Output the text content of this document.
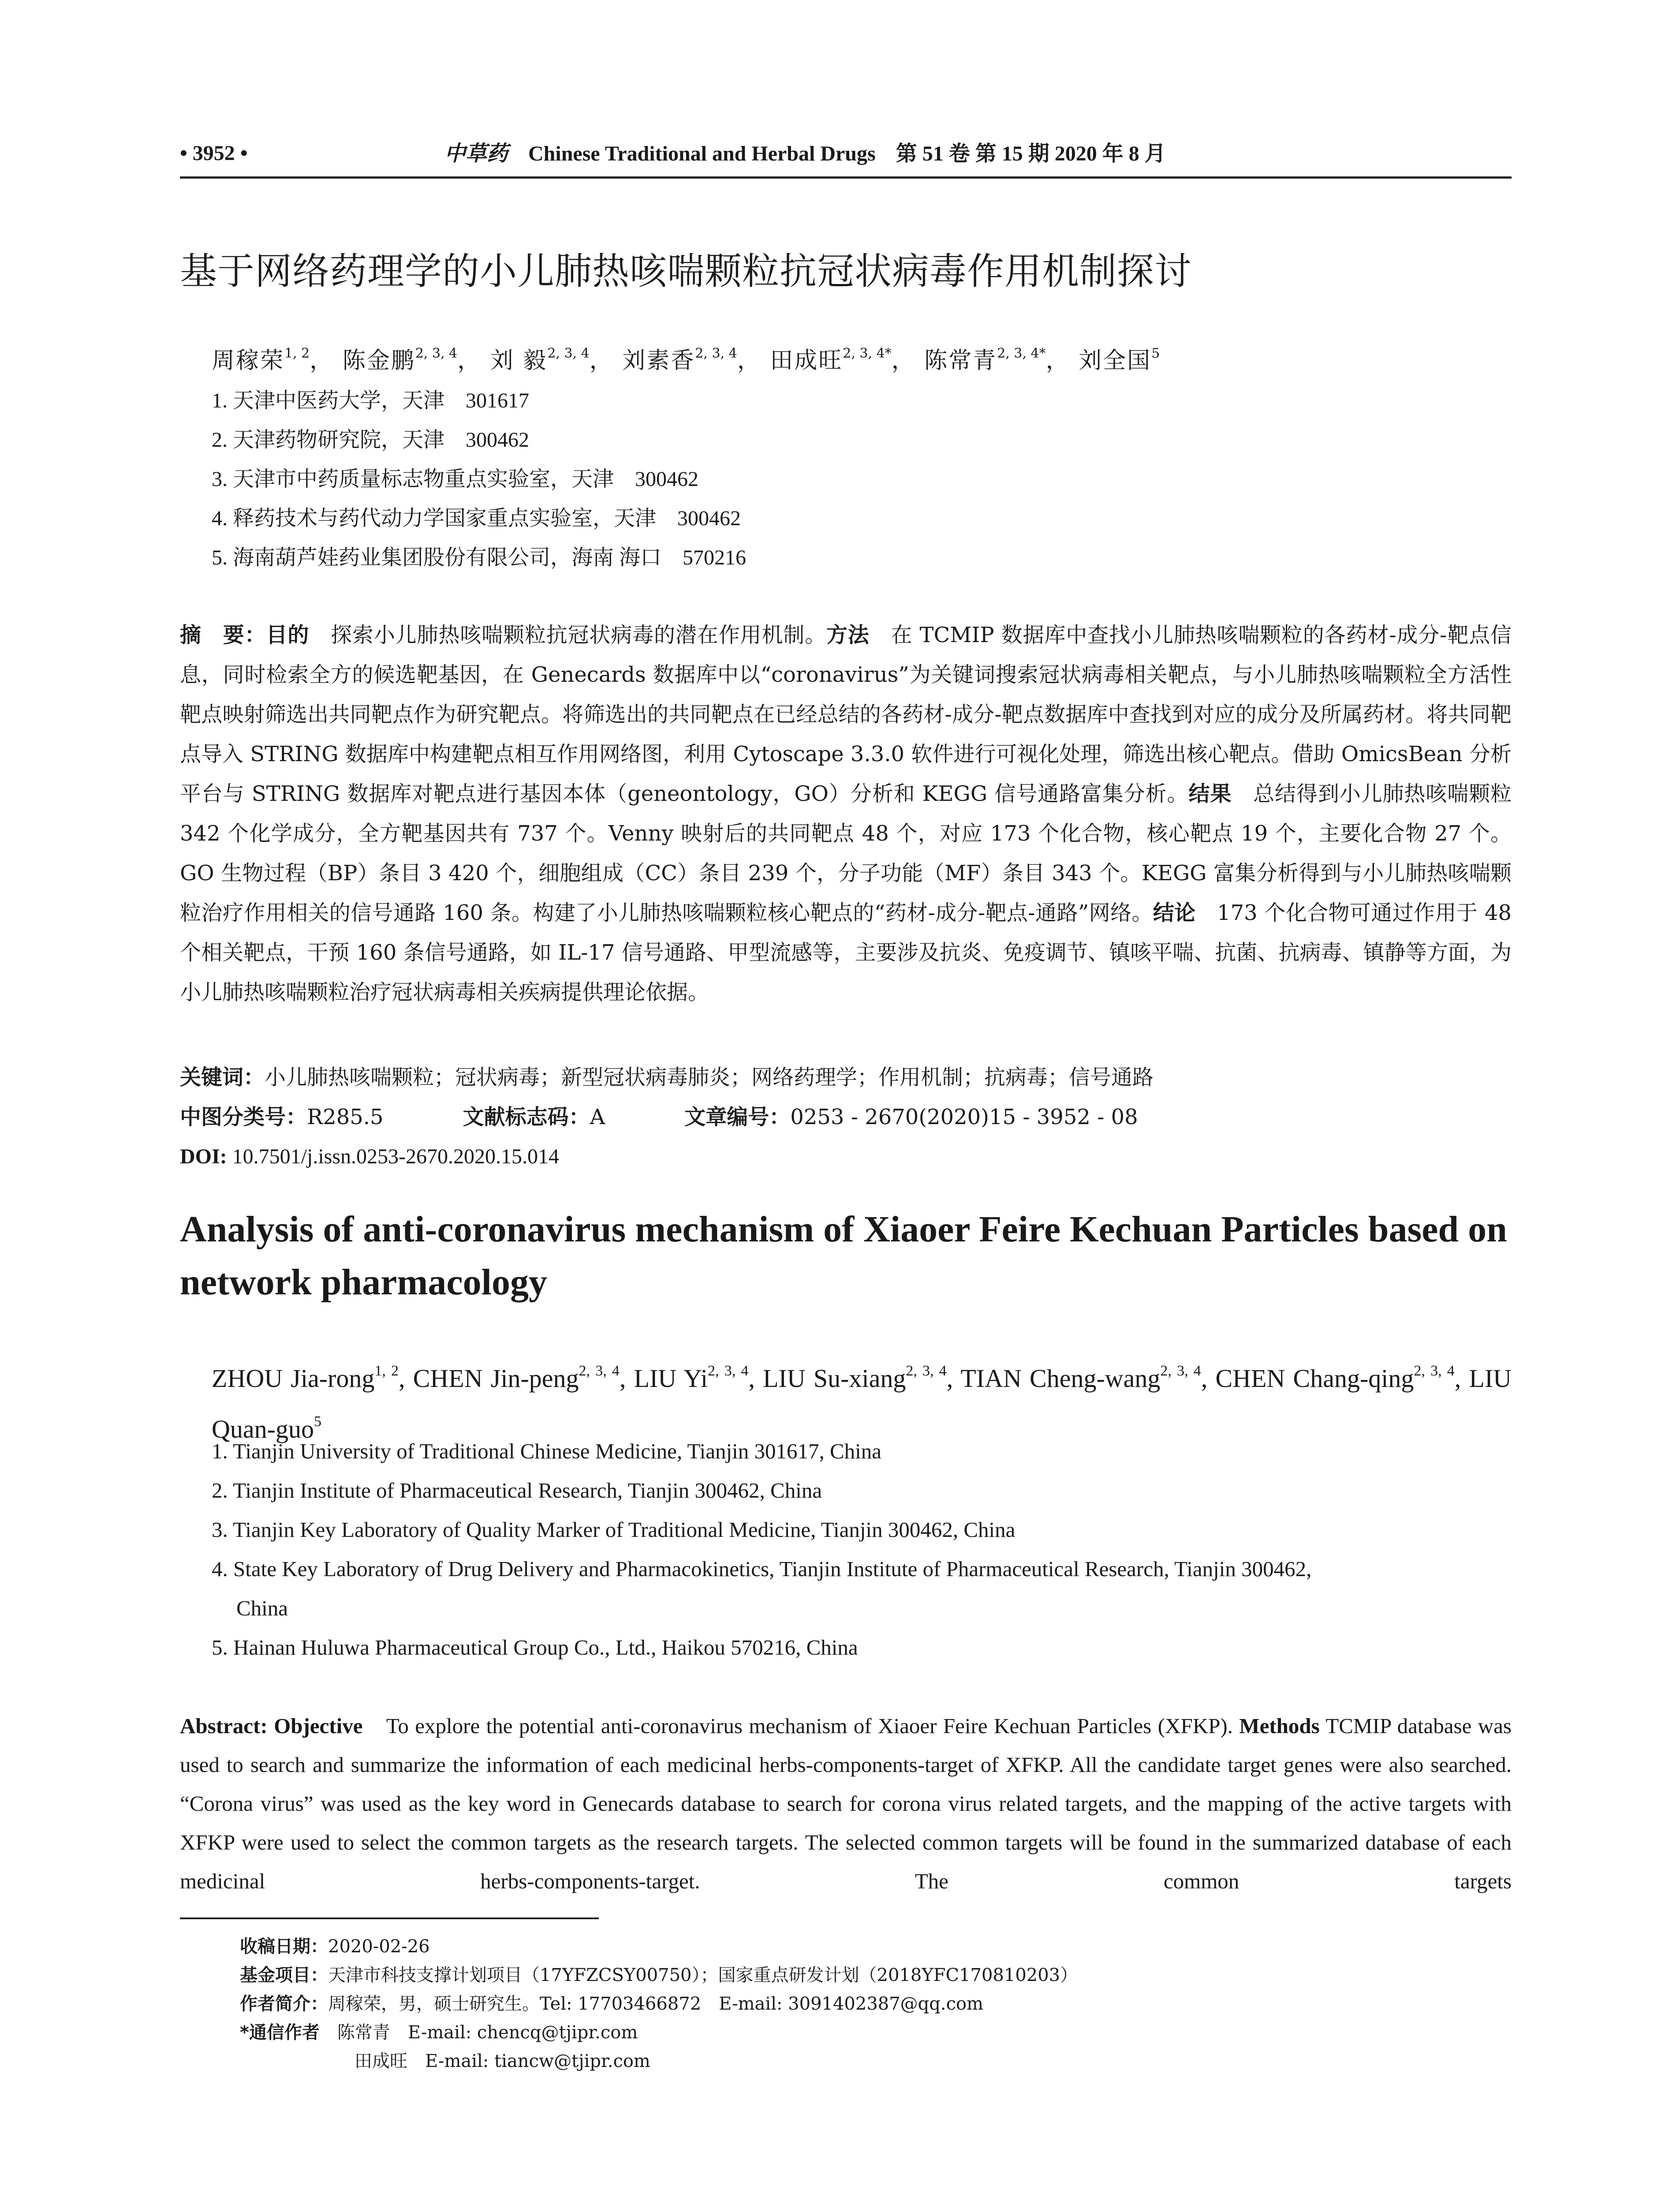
• 3952 •	中草药 Chinese Traditional and Herbal Drugs 第 51 卷 第 15 期 2020 年 8 月
基于网络药理学的小儿肺热咳喘颗粒抗冠状病毒作用机制探讨
周稼荣$^{1, 2}$， 陈金鹏$^{2, 3, 4}$， 刘 毅$^{2, 3, 4}$， 刘素香$^{2, 3, 4}$， 田成旺$^{2, 3, 4*}$， 陈常青$^{2, 3, 4*}$， 刘全国$^5$
1. 天津中医药大学，天津　301617
2. 天津药物研究院，天津　300462
3. 天津市中药质量标志物重点实验室，天津　300462
4. 释药技术与药代动力学国家重点实验室，天津　300462
5. 海南葫芦娃药业集团股份有限公司，海南 海口　570216
摘　要：目的　探索小儿肺热咳喘颗粒抗冠状病毒的潜在作用机制。方法　在 TCMIP 数据库中查找小儿肺热咳喘颗粒的各药材-成分-靶点信息，同时检索全方的候选靶基因，在 Genecards 数据库中以“coronavirus”为关键词搜索冠状病毒相关靶点，与小儿肺热咳喘颗粒全方活性靶点映射筛选出共同靶点作为研究靶点。将筛选出的共同靶点在已经总结的各药材-成分-靶点数据库中查找到对应的成分及所属药材。将共同靶点导入 STRING 数据库中构建靶点相互作用网络图，利用 Cytoscape 3.3.0 软件进行可视化处理，筛选出核心靶点。借助 OmicsBean 分析平台与 STRING 数据库对靶点进行基因本体（geneontology，GO）分析和 KEGG 信号通路富集分析。结果　总结得到小儿肺热咳喘颗粒 342 个化学成分，全方靶基因共有 737 个。Venny 映射后的共同靶点 48 个，对应 173 个化合物，核心靶点 19 个，主要化合物 27 个。GO 生物过程（BP）条目 3 420 个，细胞组成（CC）条目 239 个，分子功能（MF）条目 343 个。KEGG 富集分析得到与小儿肺热咳喘颗粒治疗作用相关的信号通路 160 条。构建了小儿肺热咳喘颗粒核心靶点的“药材-成分-靶点-通路”网络。结论　173 个化合物可通过作用于 48 个相关靶点，干预 160 条信号通路，如 IL-17 信号通路、甲型流感等，主要涉及抗炎、免疫调节、镇咳平喘、抗菌、抗病毒、镇静等方面，为小儿肺热咳喘颗粒治疗冠状病毒相关疾病提供理论依据。
关键词：小儿肺热咳喘颗粒；冠状病毒；新型冠状病毒肺炎；网络药理学；作用机制；抗病毒；信号通路
中图分类号：R285.5	文献标志码：A	文章编号：0253 - 2670(2020)15 - 3952 - 08
DOI: 10.7501/j.issn.0253-2670.2020.15.014
Analysis of anti-coronavirus mechanism of Xiaoer Feire Kechuan Particles based on network pharmacology
ZHOU Jia-rong$^{1, 2}$, CHEN Jin-peng$^{2, 3, 4}$, LIU Yi$^{2, 3, 4}$, LIU Su-xiang$^{2, 3, 4}$, TIAN Cheng-wang$^{2, 3, 4}$, CHEN Chang-qing$^{2, 3, 4}$, LIU Quan-guo$^5$
1. Tianjin University of Traditional Chinese Medicine, Tianjin 301617, China
2. Tianjin Institute of Pharmaceutical Research, Tianjin 300462, China
3. Tianjin Key Laboratory of Quality Marker of Traditional Medicine, Tianjin 300462, China
4. State Key Laboratory of Drug Delivery and Pharmacokinetics, Tianjin Institute of Pharmaceutical Research, Tianjin 300462,
China
5. Hainan Huluwa Pharmaceutical Group Co., Ltd., Haikou 570216, China
Abstract: Objective　To explore the potential anti-coronavirus mechanism of Xiaoer Feire Kechuan Particles (XFKP). Methods TCMIP database was used to search and summarize the information of each medicinal herbs-components-target of XFKP. All the candidate target genes were also searched. “Corona virus” was used as the key word in Genecards database to search for corona virus related targets, and the mapping of the active targets with XFKP were used to select the common targets as the research targets. The selected common targets will be found in the summarized database of each medicinal herbs-components-target. The common targets
收稿日期：2020-02-26
基金项目：天津市科技支撑计划项目（17YFZCSY00750）；国家重点研发计划（2018YFC170810203）
作者简介：周稼荣，男，硕士研究生。Tel: 17703466872　E-mail: 3091402387@qq.com
*通信作者 陈常青　E-mail: chencq@tjipr.com
田成旺　E-mail: tiancw@tjipr.com
